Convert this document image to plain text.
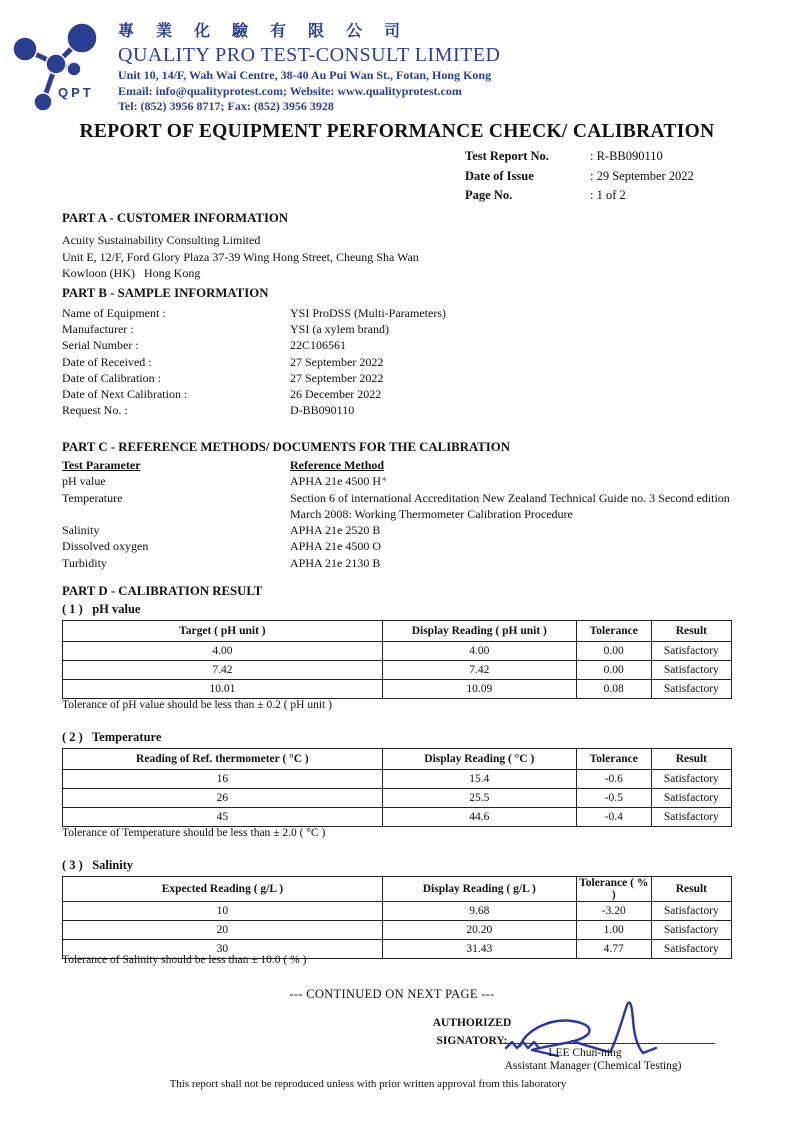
QPT
專 業 化 驗 有 限 公 司
QUALITY PRO TEST-CONSULT LIMITED
Unit 10, 14/F, Wah Wai Centre, 38-40 Au Pui Wan St., Fotan, Hong Kong
Email: info@qualityprotest.com; Website: www.qualityprotest.com
Tel: (852) 3956 8717; Fax: (852) 3956 3928
REPORT OF EQUIPMENT PERFORMANCE CHECK/ CALIBRATION
Test Report No.	: R-BB090110
Date of Issue	: 29 September 2022
Page No.	: 1 of 2
PART A - CUSTOMER INFORMATION
Acuity Sustainability Consulting Limited
Unit E, 12/F, Ford Glory Plaza 37-39 Wing Hong Street, Cheung Sha Wan
Kowloon (HK)   Hong Kong
PART B - SAMPLE INFORMATION
Name of Equipment :	YSI ProDSS (Multi-Parameters)
Manufacturer :	YSI (a xylem brand)
Serial Number :	22C106561
Date of Received :	27 September 2022
Date of Calibration :	27 September 2022
Date of Next Calibration :	26 December 2022
Request No. :	D-BB090110
PART C - REFERENCE METHODS/ DOCUMENTS FOR THE CALIBRATION
Test Parameter	Reference Method
pH value	APHA 21e 4500 H⁺
Temperature	Section 6 of international Accreditation New Zealand Technical Guide no. 3 Second edition March 2008: Working Thermometer Calibration Procedure
Salinity	APHA 21e 2520 B
Dissolved oxygen	APHA 21e 4500 O
Turbidity	APHA 21e 2130 B
PART D - CALIBRATION RESULT
( 1 )   pH value
Target ( pH unit )	Display Reading ( pH unit )	Tolerance	Result
4.00	4.00	0.00	Satisfactory
7.42	7.42	0.00	Satisfactory
10.01	10.09	0.08	Satisfactory
Tolerance of pH value should be less than ± 0.2 ( pH unit )
( 2 )   Temperature
Reading of Ref. thermometer ( °C )	Display Reading ( °C )	Tolerance	Result
16	15.4	-0.6	Satisfactory
26	25.5	-0.5	Satisfactory
45	44.6	-0.4	Satisfactory
Tolerance of Temperature should be less than ± 2.0 ( °C )
( 3 )   Salinity
Expected Reading ( g/L )	Display Reading ( g/L )	Tolerance ( % )	Result
10	9.68	-3.20	Satisfactory
20	20.20	1.00	Satisfactory
30	31.43	4.77	Satisfactory
Tolerance of Salinity should be less than ± 10.0 ( % )
--- CONTINUED ON NEXT PAGE ---
AUTHORIZED
SIGNATORY:
LEE Chun-ning
Assistant Manager (Chemical Testing)
This report shall not be reproduced unless with prior written approval from this laboratory
